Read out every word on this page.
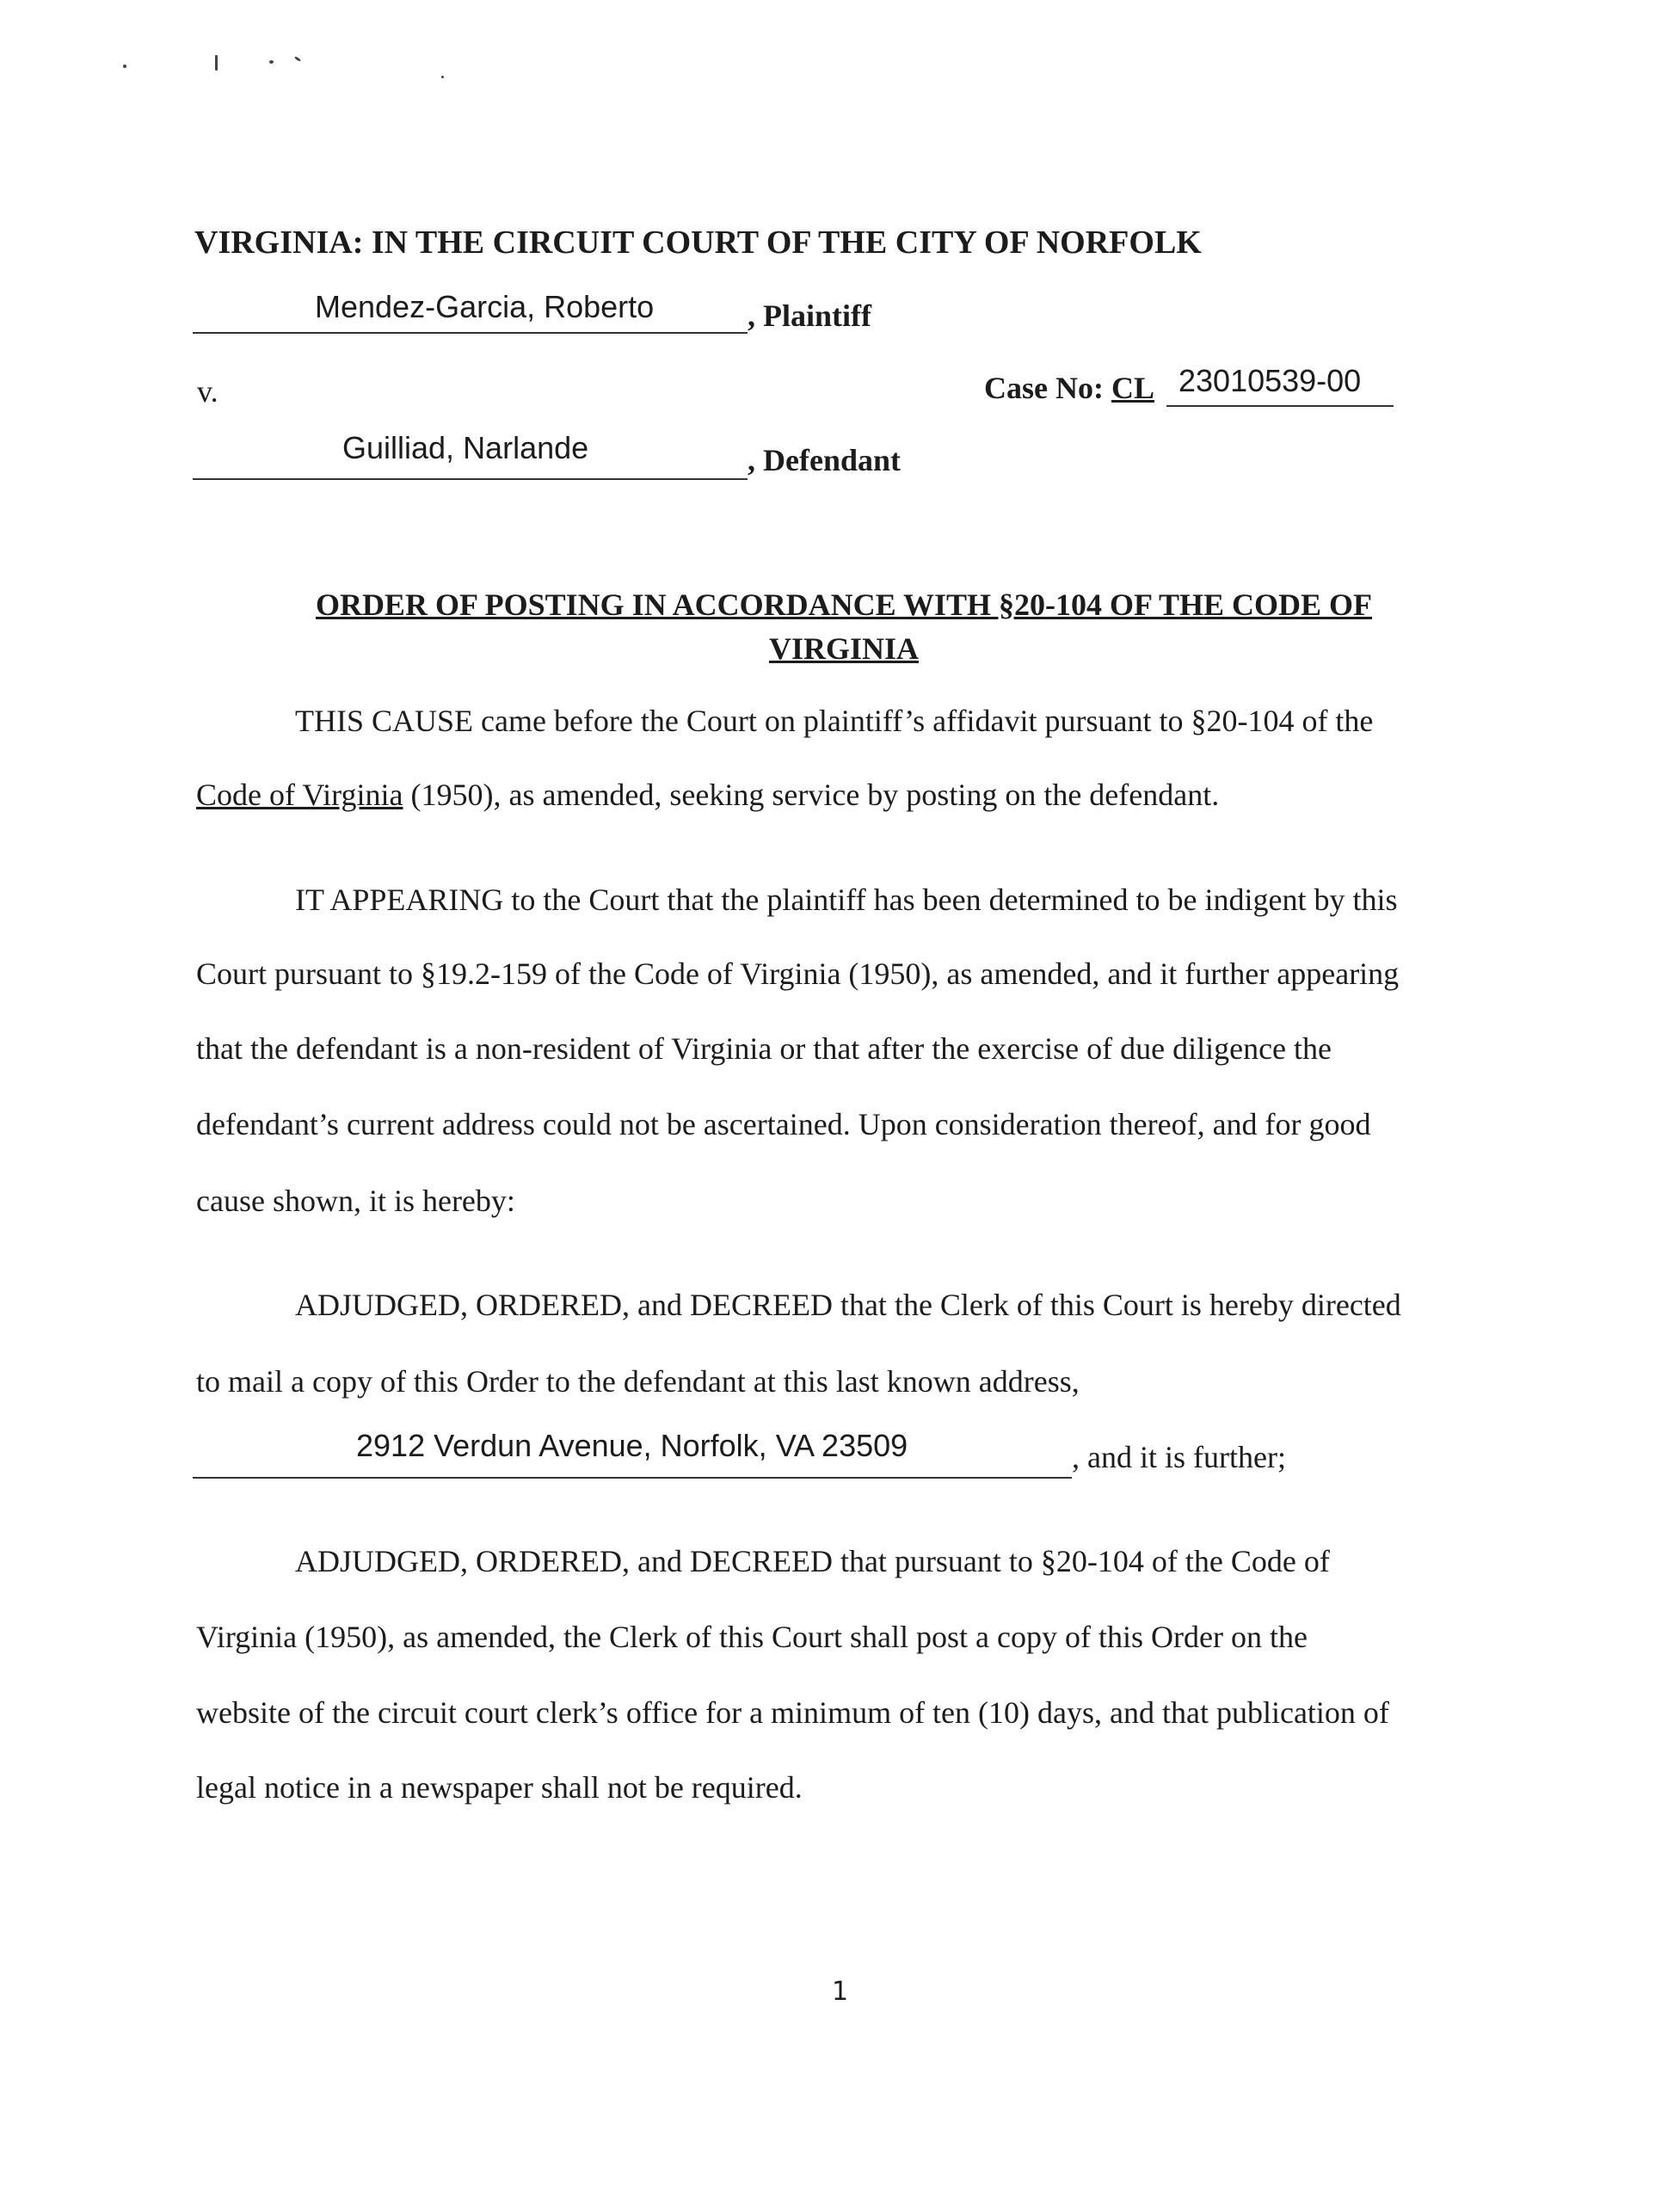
VIRGINIA: IN THE CIRCUIT COURT OF THE CITY OF NORFOLK
Mendez-Garcia, Roberto	, Plaintiff
v.	Case No: CL 23010539-00
Guilliad, Narlande	, Defendant
ORDER OF POSTING IN ACCORDANCE WITH §20-104 OF THE CODE OF
VIRGINIA
THIS CAUSE came before the Court on plaintiff’s affidavit pursuant to §20-104 of the
Code of Virginia (1950), as amended, seeking service by posting on the defendant.
IT APPEARING to the Court that the plaintiff has been determined to be indigent by this
Court pursuant to §19.2-159 of the Code of Virginia (1950), as amended, and it further appearing
that the defendant is a non-resident of Virginia or that after the exercise of due diligence the
defendant’s current address could not be ascertained. Upon consideration thereof, and for good
cause shown, it is hereby:
ADJUDGED, ORDERED, and DECREED that the Clerk of this Court is hereby directed
to mail a copy of this Order to the defendant at this last known address,
2912 Verdun Avenue, Norfolk, VA 23509	, and it is further;
ADJUDGED, ORDERED, and DECREED that pursuant to §20-104 of the Code of
Virginia (1950), as amended, the Clerk of this Court shall post a copy of this Order on the
website of the circuit court clerk’s office for a minimum of ten (10) days, and that publication of
legal notice in a newspaper shall not be required.
1
